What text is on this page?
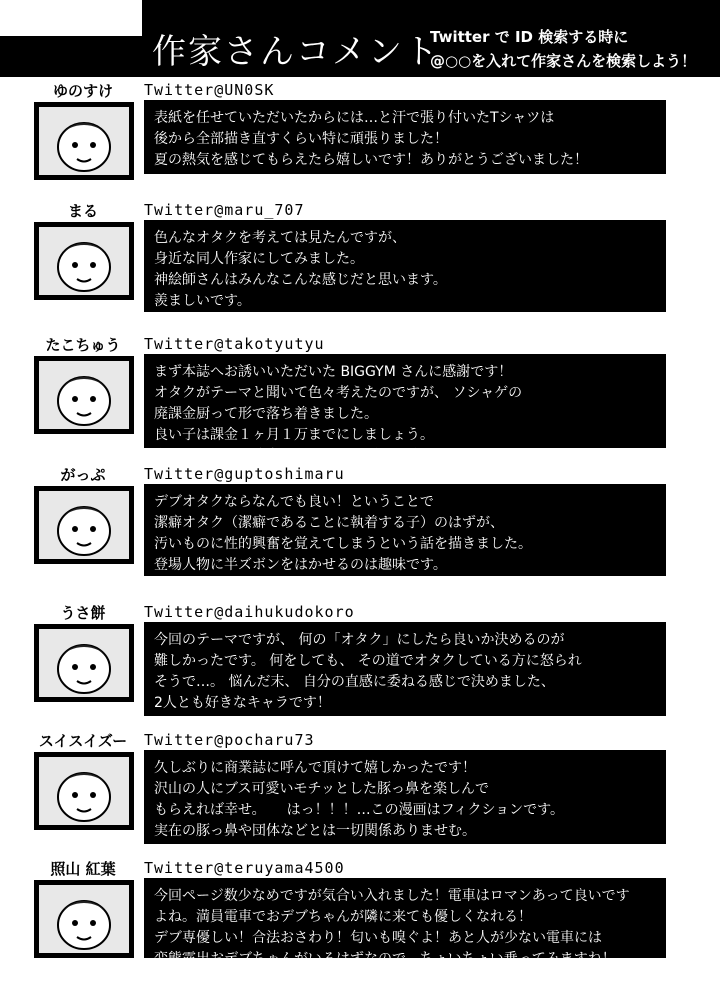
作家さんコメント
Twitter で ID 検索する時に
@○○を入れて作家さんを検索しよう！
ゆのすけ	Twitter@UN0SK
表紙を任せていただいたからには…と汗で張り付いたTシャツは
後から全部描き直すくらい特に頑張りました！
夏の熱気を感じてもらえたら嬉しいです！ありがとうございました！
まる	Twitter@maru_707
色んなオタクを考えては見たんですが、
身近な同人作家にしてみました。
神絵師さんはみんなこんな感じだと思います。
羨ましいです。
たこちゅう	Twitter@takotyutyu
まず本誌へお誘いいただいた BIGGYM さんに感謝です！
オタクがテーマと聞いて色々考えたのですが、 ソシャゲの
廃課金厨って形で落ち着きました。
良い子は課金１ヶ月１万までにしましょう。
賢い子は月一万貯金しますけどね（＾o＾）
がっぷ	Twitter@guptoshimaru
デブオタクならなんでも良い！ということで
潔癖オタク（潔癖であることに執着する子）のはずが、
汚いものに性的興奮を覚えてしまうという話を描きました。
登場人物に半ズボンをはかせるのは趣味です。
うさ餅	Twitter@daihukudokoro
今回のテーマですが、 何の「オタク」にしたら良いか決めるのが
難しかったです。 何をしても、 その道でオタクしている方に怒られ
そうで…。 悩んだ末、 自分の直感に委ねる感じで決めました、
2人とも好きなキャラです！
スイスイズー	Twitter@pocharu73
久しぶりに商業誌に呼んで頂けて嬉しかったです！
沢山の人にブス可愛いモチッとした豚っ鼻を楽しんで
もらえれば幸せ。　　はっ！！！…この漫画はフィクションです。
実在の豚っ鼻や団体などとは一切関係ありませむ。
照山 紅葉	Twitter@teruyama4500
今回ページ数少なめですが気合い入れました！電車はロマンあって良いです
よね。満員電車でおデブちゃんが隣に来ても優しくなれる！
デブ専優しい！合法おさわり！匂いも嗅ぐよ！あと人が少ない電車には
変態露出おデブちゃんがいるはずなので、ちょいちょい乗ってみますね！
